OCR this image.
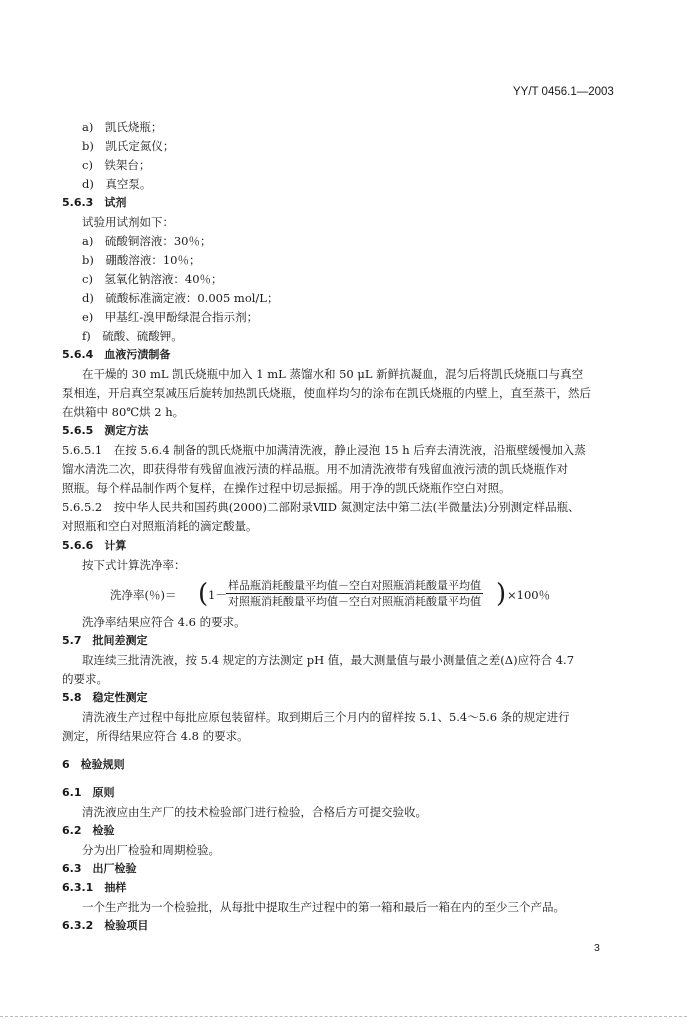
YY/T 0456.1—2003
a)　凯氏烧瓶；
b)　凯氏定氮仪；
c)　铁架台；
d)　真空泵。
5.6.3　试剂
试验用试剂如下：
a)　硫酸铜溶液：30％；
b)　硼酸溶液：10％；
c)　氢氧化钠溶液：40％；
d)　硫酸标准滴定液：0.005 mol/L；
e)　甲基红-溴甲酚绿混合指示剂；
f)　硫酸、硫酸钾。
5.6.4　血液污渍制备
在干燥的 30 mL 凯氏烧瓶中加入 1 mL 蒸馏水和 50 μL 新鲜抗凝血，混匀后将凯氏烧瓶口与真空
泵相连，开启真空泵减压后旋转加热凯氏烧瓶，使血样均匀的涂布在凯氏烧瓶的内壁上，直至蒸干，然后
在烘箱中 80℃烘 2 h。
5.6.5　测定方法
5.6.5.1　在按 5.6.4 制备的凯氏烧瓶中加满清洗液，静止浸泡 15 h 后弃去清洗液，沿瓶壁缓慢加入蒸
馏水清洗二次，即获得带有残留血液污渍的样品瓶。用不加清洗液带有残留血液污渍的凯氏烧瓶作对
照瓶。每个样品制作两个复样，在操作过程中切忌振摇。用于净的凯氏烧瓶作空白对照。
5.6.5.2　按中华人民共和国药典(2000)二部附录ⅦD 氮测定法中第二法(半微量法)分别测定样品瓶、
对照瓶和空白对照瓶消耗的滴定酸量。
5.6.6　计算
按下式计算洗净率：
洗净率(％)＝ ( 1－
样品瓶消耗酸量平均值－空白对照瓶消耗酸量平均值
对照瓶消耗酸量平均值－空白对照瓶消耗酸量平均值 ) ×100％
洗净率结果应符合 4.6 的要求。
5.7　批间差测定
取连续三批清洗液，按 5.4 规定的方法测定 pH 值，最大测量值与最小测量值之差(Δ)应符合 4.7
的要求。
5.8　稳定性测定
清洗液生产过程中每批应原包装留样。取到期后三个月内的留样按 5.1、5.4～5.6 条的规定进行
测定，所得结果应符合 4.8 的要求。
6　检验规则
6.1　原则
清洗液应由生产厂的技术检验部门进行检验，合格后方可提交验收。
6.2　检验
分为出厂检验和周期检验。
6.3　出厂检验
6.3.1　抽样
一个生产批为一个检验批，从每批中提取生产过程中的第一箱和最后一箱在内的至少三个产品。
6.3.2　检验项目
3
